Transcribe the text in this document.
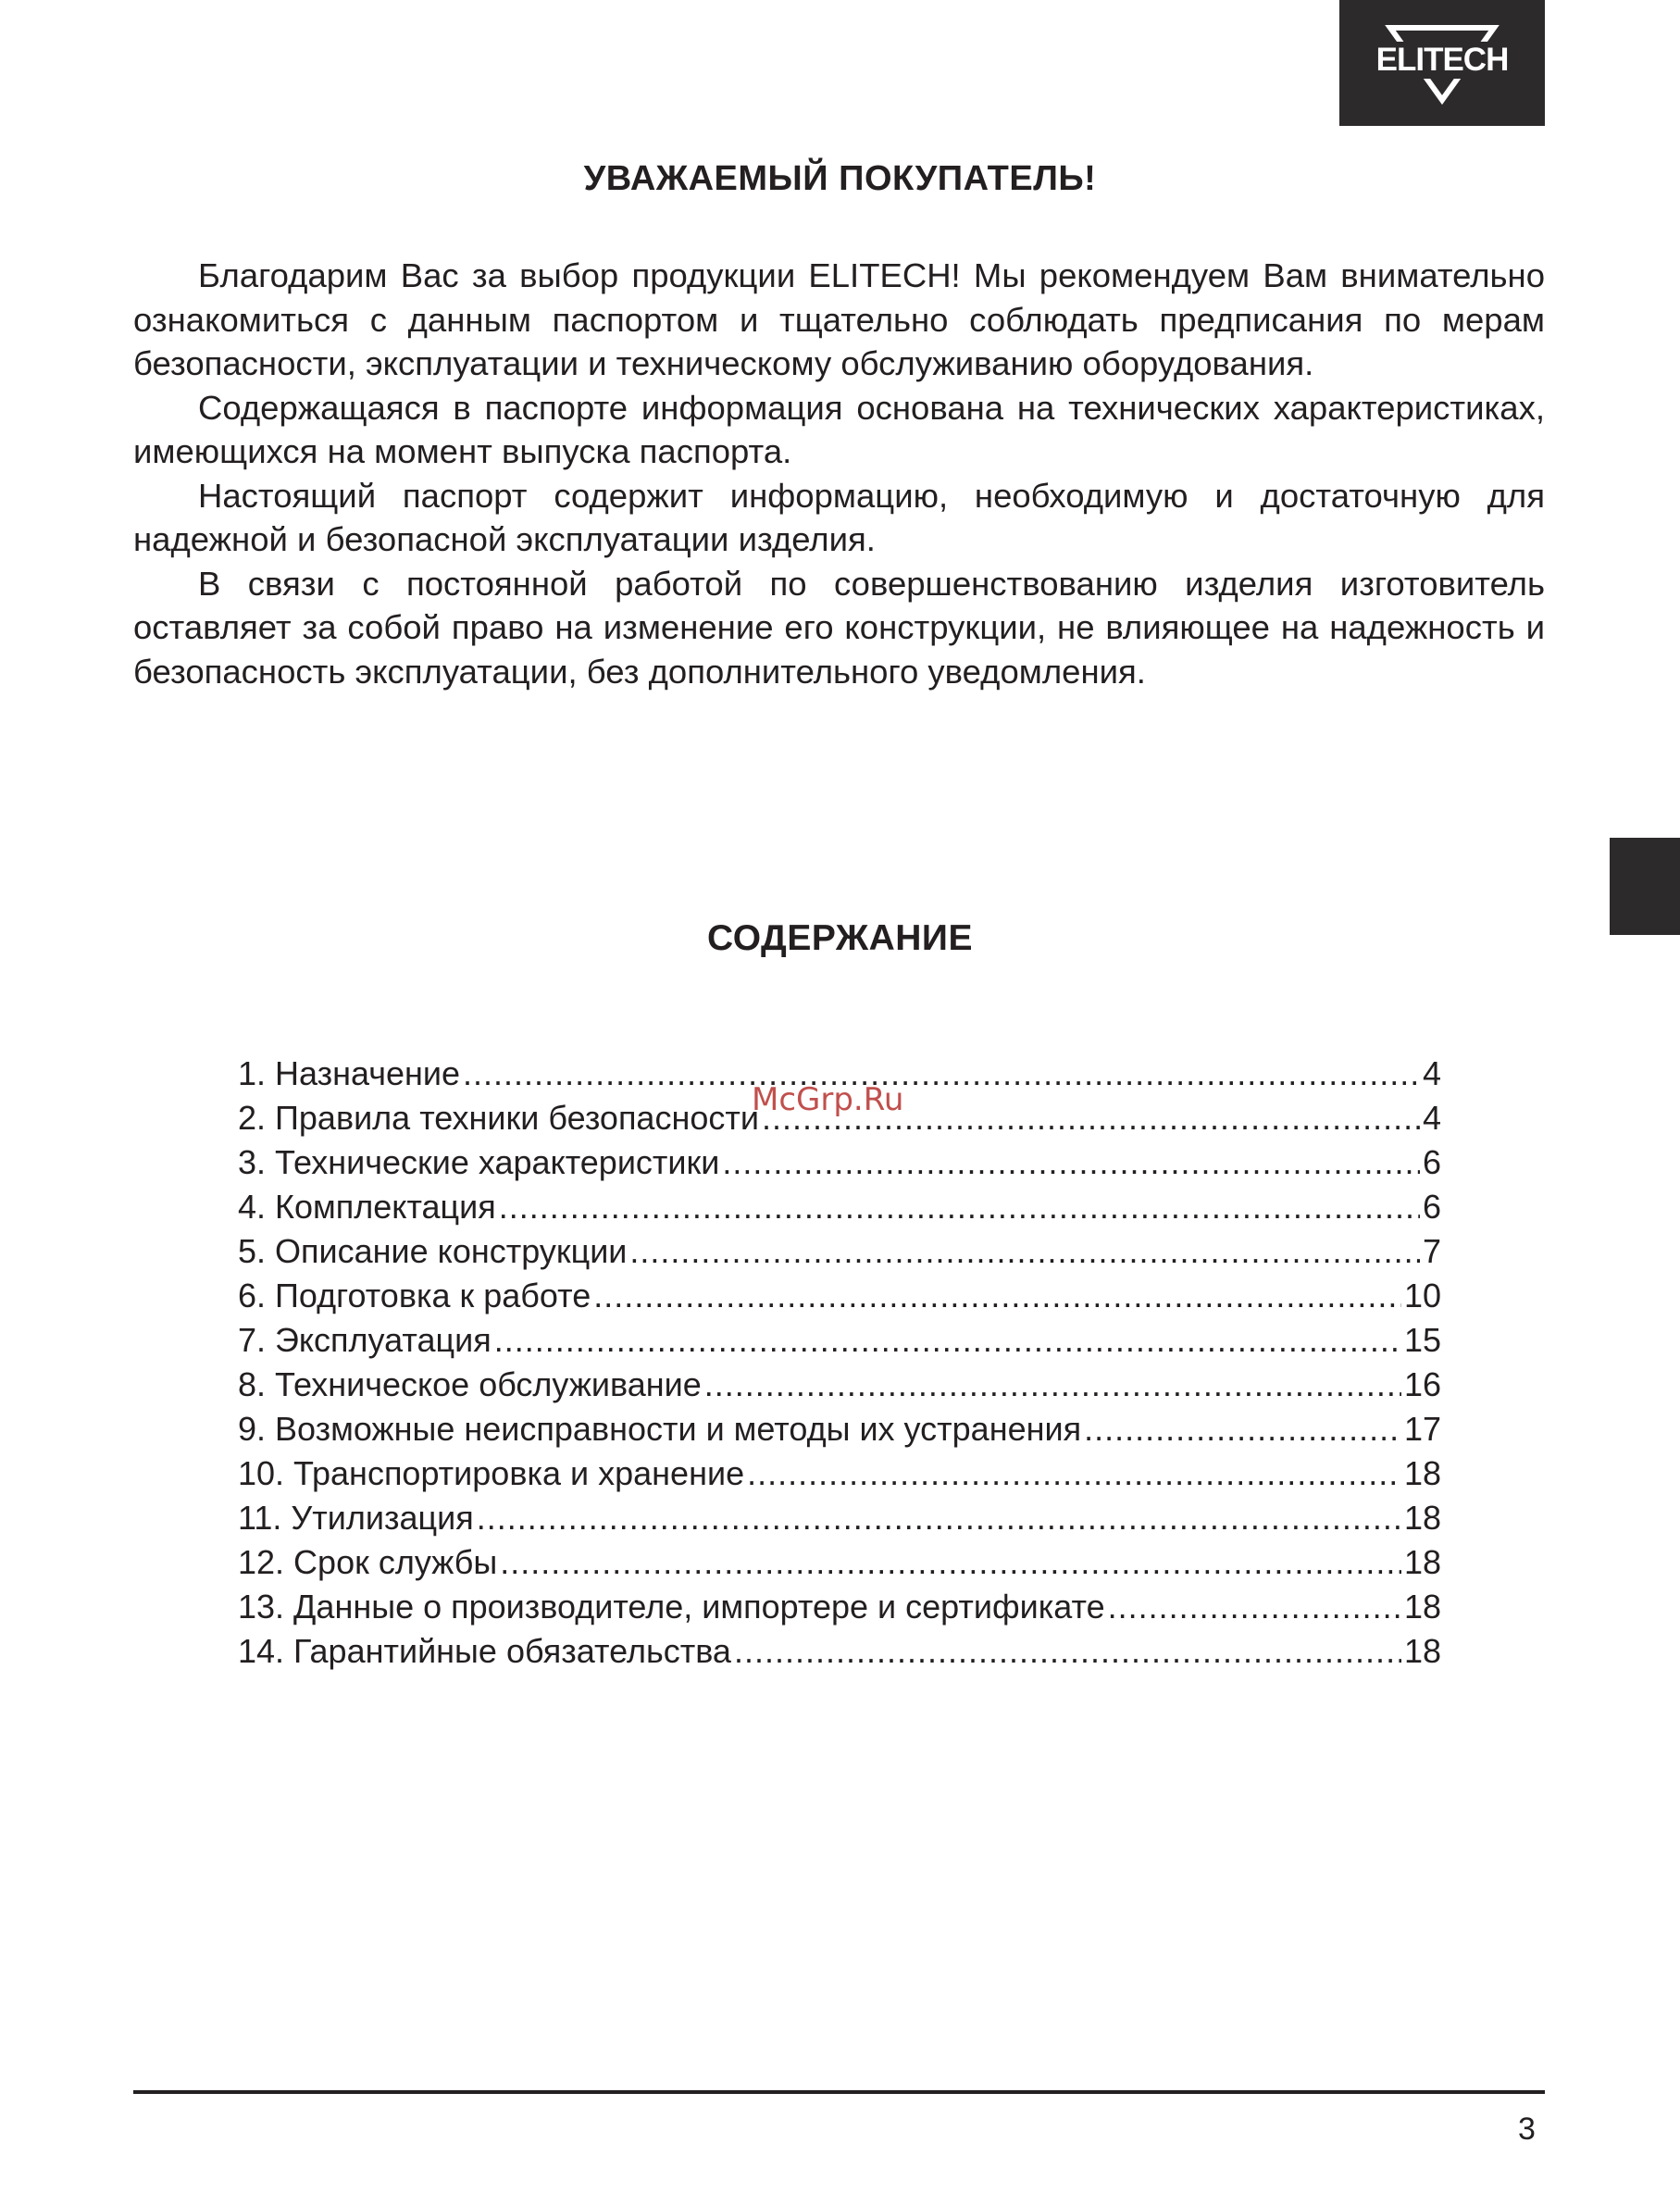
ELITECH
УВАЖАЕМЫЙ ПОКУПАТЕЛЬ!

Благодарим Вас за выбор продукции ELITECH! Мы рекомендуем Вам внимательно ознакомиться с данным паспортом и тщательно соблюдать предписания по мерам безопасности, эксплуатации и техническому обслуживанию оборудования.

Содержащаяся в паспорте информация основана на технических характеристиках, имеющихся на момент выпуска паспорта.

Настоящий паспорт содержит информацию, необходимую и достаточную для надежной и безопасной эксплуатации изделия.

В связи с постоянной работой по совершенствованию изделия изготовитель оставляет за собой право на изменение его конструкции, не влияющее на надежность и безопасность эксплуатации, без дополнительного уведомления.

СОДЕРЖАНИЕ
1. Назначение .....	4
2. Правила техники безопасности .....	4
3. Технические характеристики .....	6
4. Комплектация .....	6
5. Описание конструкции .....	7
6. Подготовка к работе .....	10
7. Эксплуатация .....	15
8. Техническое обслуживание .....	16
9. Возможные неисправности и методы их устранения .....	17
10. Транспортировка и хранение .....	18
11. Утилизация .....	18
12. Срок службы .....	18
13. Данные о производителе, импортере и сертификате .....	18
14. Гарантийные обязательства .....	18
McGrp.Ru
3
